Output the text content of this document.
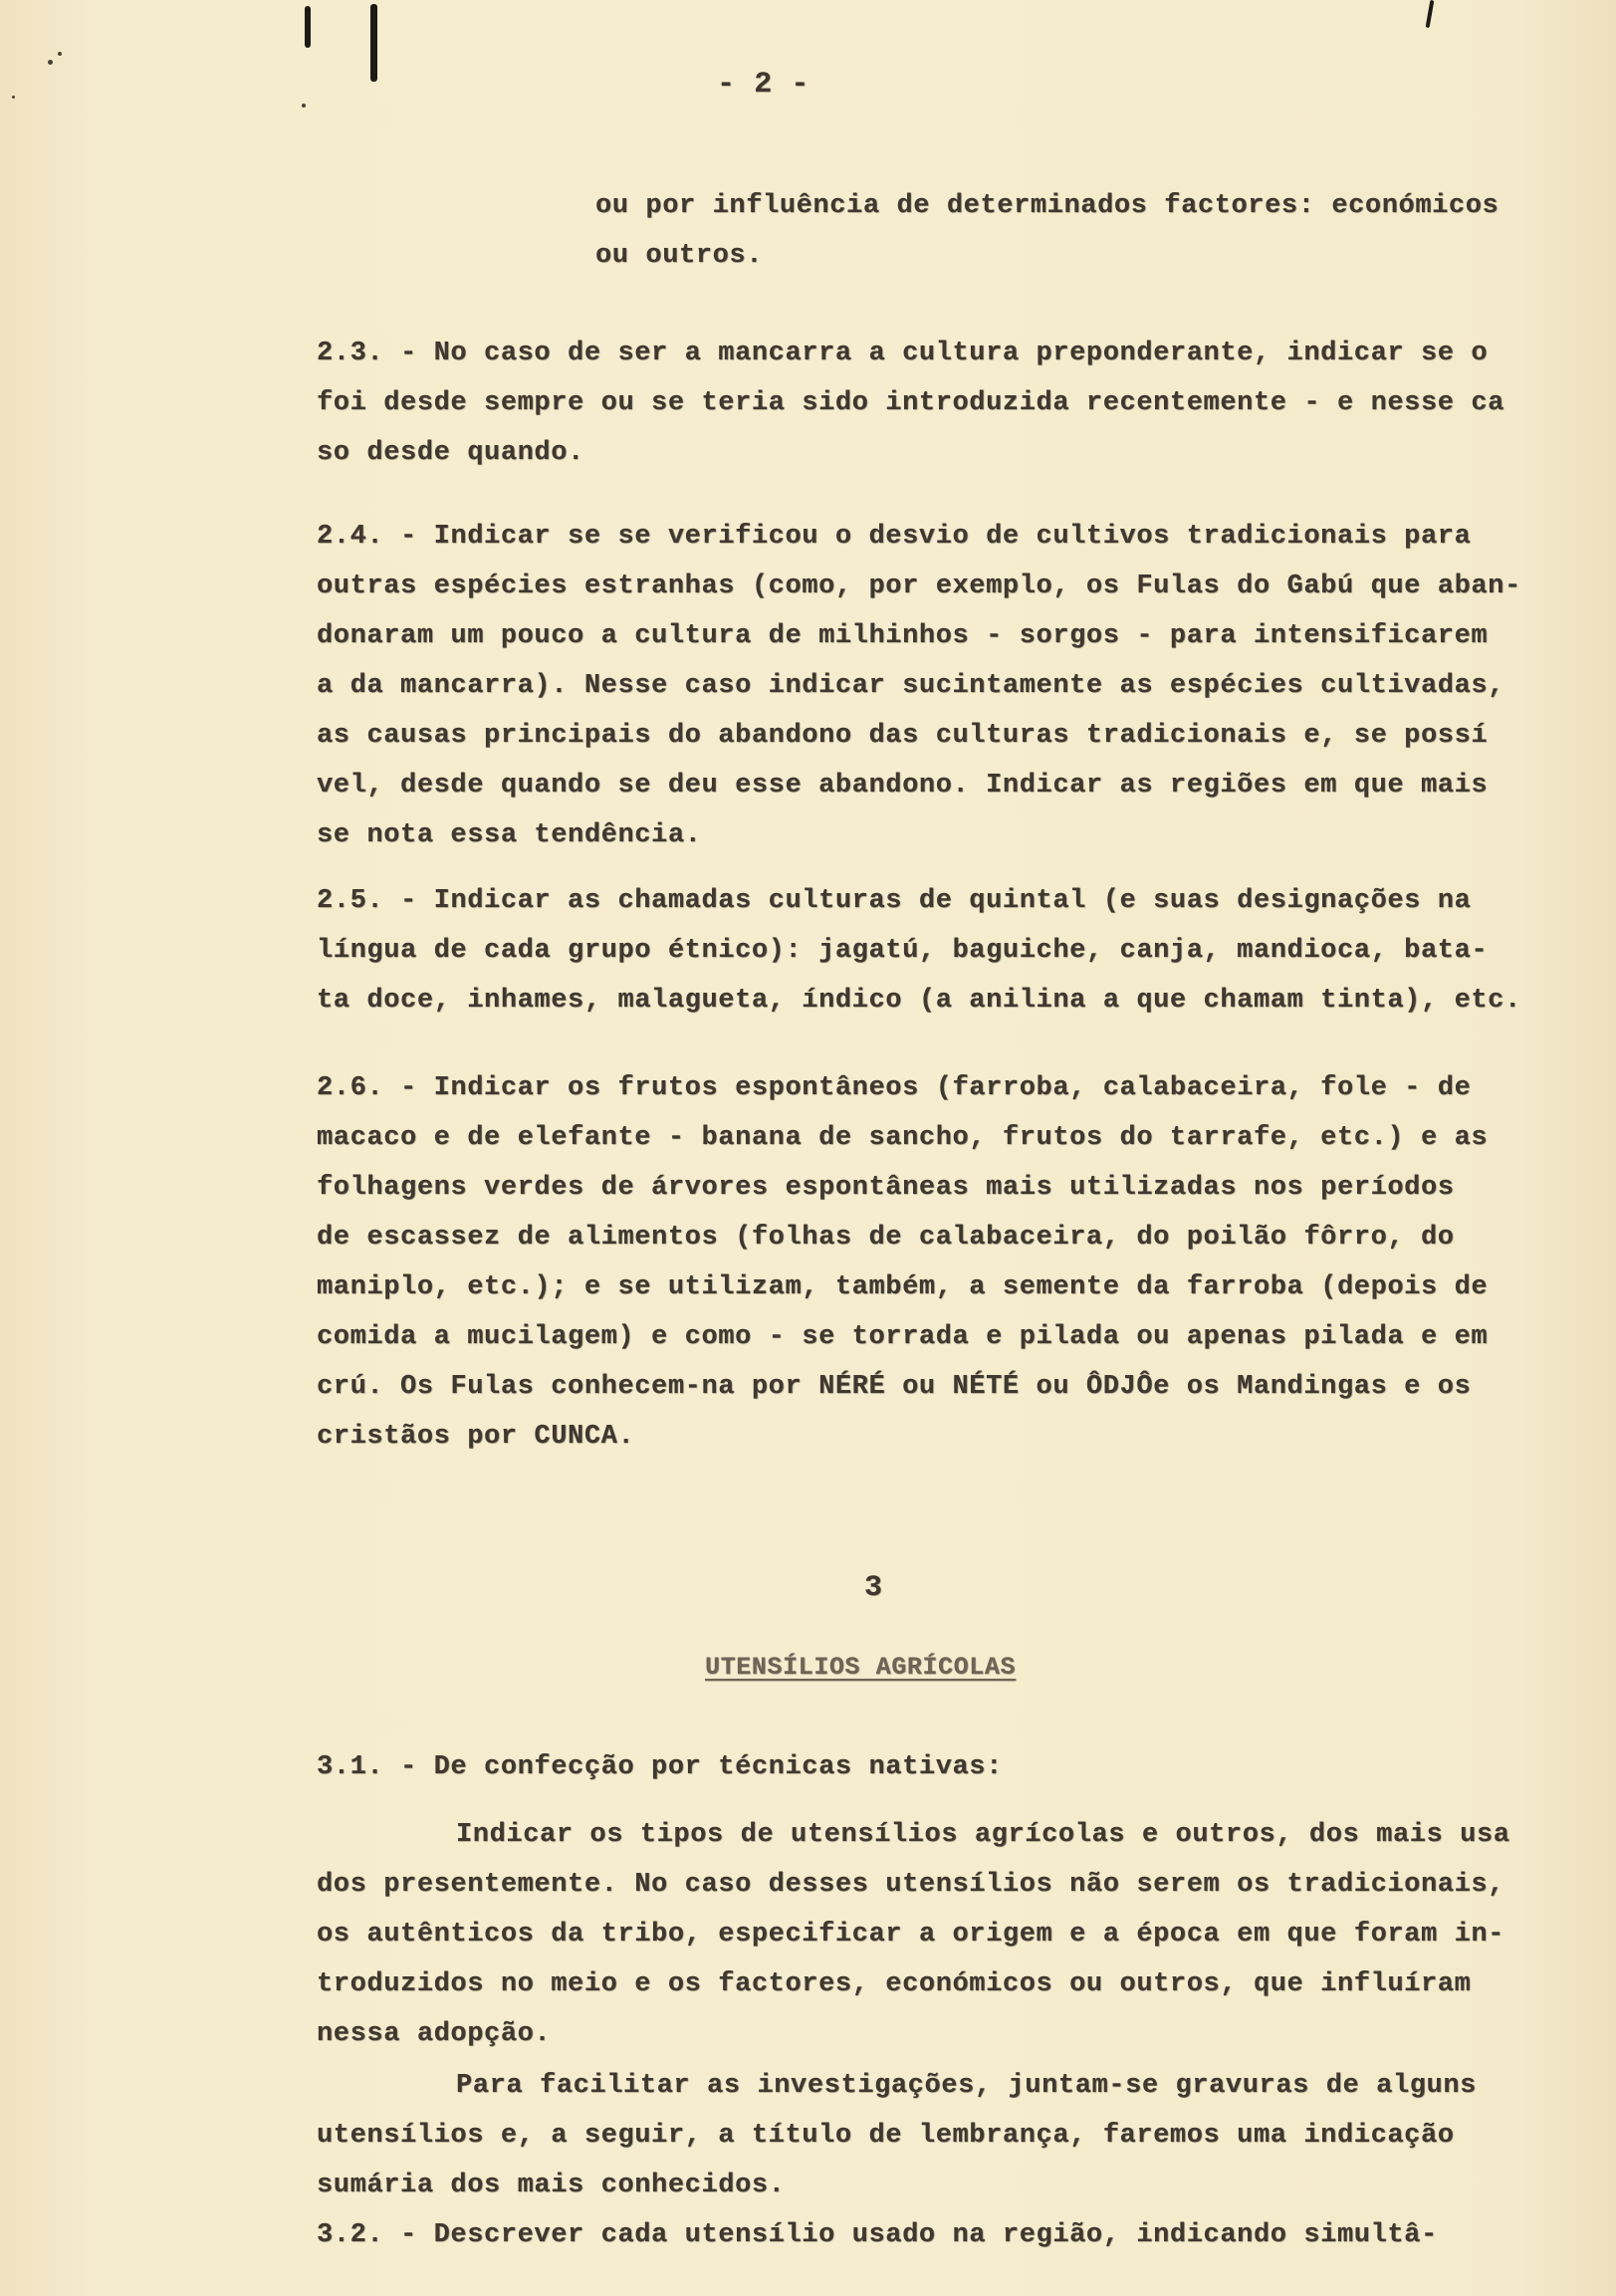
- 2 -
ou por influência de determinados factores: económicos
ou outros.
2.3. - No caso de ser a mancarra a cultura preponderante, indicar se o
foi desde sempre ou se teria sido introduzida recentemente - e nesse ca
so desde quando.
2.4. - Indicar se se verificou o desvio de cultivos tradicionais para
outras espécies estranhas (como, por exemplo, os Fulas do Gabú que aban-
donaram um pouco a cultura de milhinhos - sorgos - para intensificarem
a da mancarra). Nesse caso indicar sucintamente as espécies cultivadas,
as causas principais do abandono das culturas tradicionais e, se possí
vel, desde quando se deu esse abandono. Indicar as regiões em que mais
se nota essa tendência.
2.5. - Indicar as chamadas culturas de quintal (e suas designações na
língua de cada grupo étnico): jagatú, baguiche, canja, mandioca, bata-
ta doce, inhames, malagueta, índico (a anilina a que chamam tinta), etc.
2.6. - Indicar os frutos espontâneos (farroba, calabaceira, fole - de
macaco e de elefante - banana de sancho, frutos do tarrafe, etc.) e as
folhagens verdes de árvores espontâneas mais utilizadas nos períodos
de escassez de alimentos (folhas de calabaceira, do poilão fôrro, do
maniplo, etc.); e se utilizam, também, a semente da farroba (depois de
comida a mucilagem) e como - se torrada e pilada ou apenas pilada e em
crú. Os Fulas conhecem-na por NÉRÉ ou NÉTÉ ou ÔDJÔe os Mandingas e os
cristãos por CUNCA.
3
UTENSÍLIOS AGRÍCOLAS
3.1. - De confecção por técnicas nativas:
Indicar os tipos de utensílios agrícolas e outros, dos mais usa
dos presentemente. No caso desses utensílios não serem os tradicionais,
os autênticos da tribo, especificar a origem e a época em que foram in-
troduzidos no meio e os factores, económicos ou outros, que influíram
nessa adopção.
Para facilitar as investigações, juntam-se gravuras de alguns
utensílios e, a seguir, a título de lembrança, faremos uma indicação
sumária dos mais conhecidos.
3.2. - Descrever cada utensílio usado na região, indicando simultâ-
